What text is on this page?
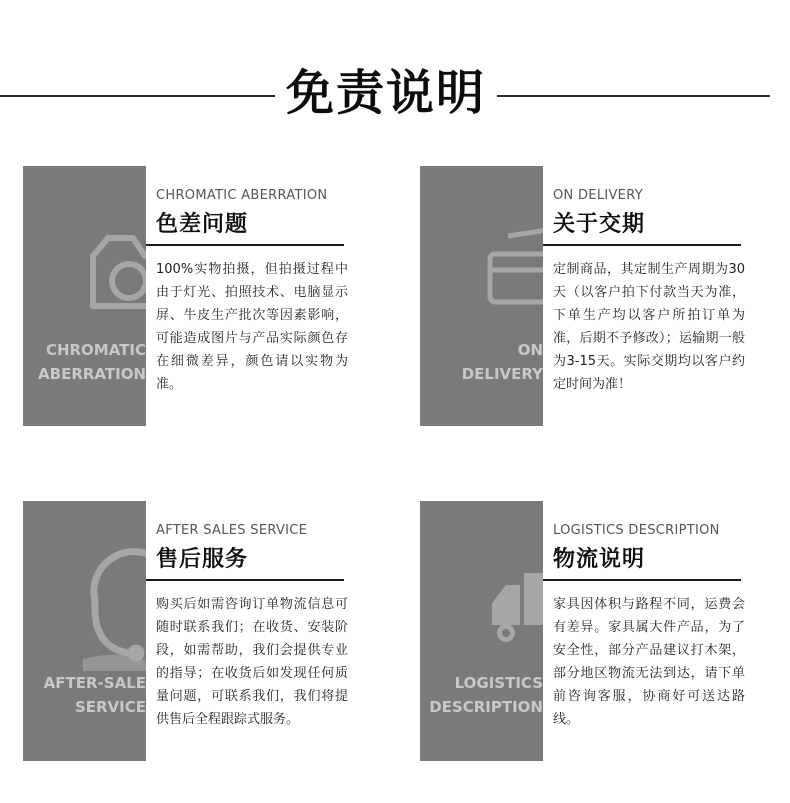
免责说明
CHROMATIC
ABERRATION
CHROMATIC ABERRATION
色差问题
100%实物拍摄，但拍摄过程中由于灯光、拍照技术、电脑显示屏、牛皮生产批次等因素影响，可能造成图片与产品实际颜色存在细微差异，颜色请以实物为准。
ON
DELIVERY
ON DELIVERY
关于交期
定制商品，其定制生产周期为30天（以客户拍下付款当天为准，下单生产均以客户所拍订单为准，后期不予修改）；运输期一般为3-15天。实际交期均以客户约定时间为准！
AFTER-SALE
SERVICE
AFTER SALES SERVICE
售后服务
购买后如需咨询订单物流信息可随时联系我们；在收货、安装阶段，如需帮助，我们会提供专业的指导；在收货后如发现任何质量问题，可联系我们，我们将提供售后全程跟踪式服务。
LOGISTICS
DESCRIPTION
LOGISTICS DESCRIPTION
物流说明
家具因体积与路程不同，运费会有差异。家具属大件产品，为了安全性，部分产品建议打木架，部分地区物流无法到达，请下单前咨询客服，协商好可送达路线。
